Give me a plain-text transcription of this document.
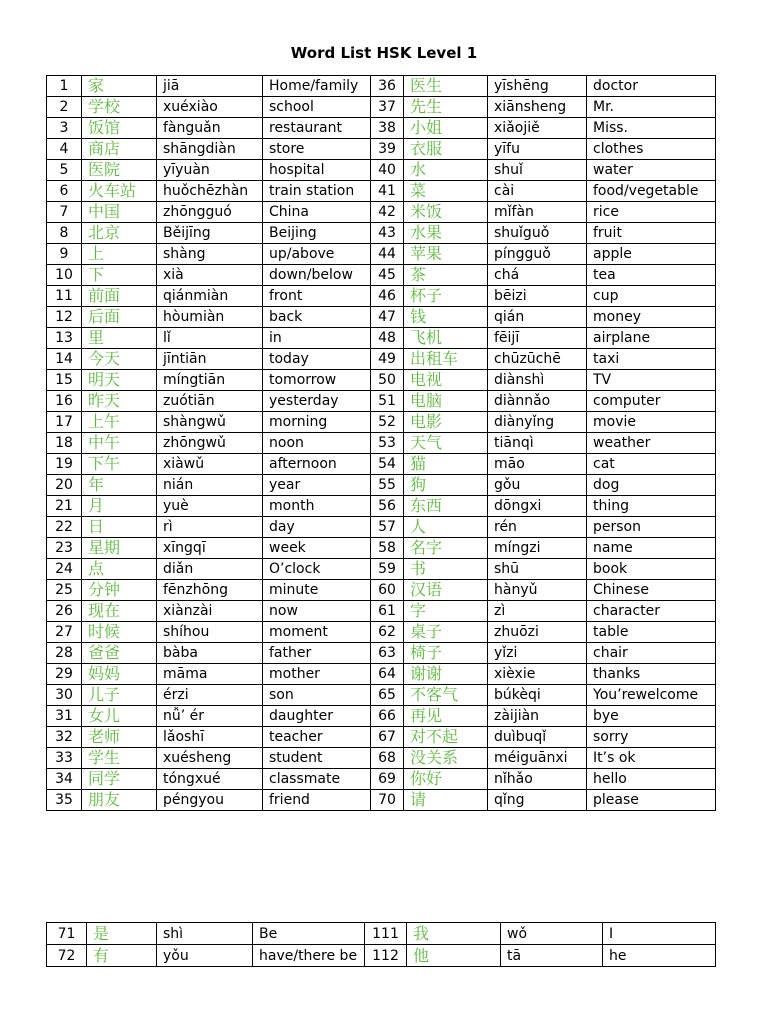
Word List HSK Level 1
1	家	jiā	Home/family	36	医生	yīshēng	doctor
2	学校	xuéxiào	school	37	先生	xiānsheng	Mr.
3	饭馆	fànguǎn	restaurant	38	小姐	xiǎojiě	Miss.
4	商店	shāngdiàn	store	39	衣服	yīfu	clothes
5	医院	yīyuàn	hospital	40	水	shuǐ	water
6	火车站	huǒchēzhàn	train station	41	菜	cài	food/vegetable
7	中国	zhōngguó	China	42	米饭	mǐfàn	rice
8	北京	Běijīng	Beijing	43	水果	shuǐguǒ	fruit
9	上	shàng	up/above	44	苹果	píngguǒ	apple
10	下	xià	down/below	45	茶	chá	tea
11	前面	qiánmiàn	front	46	杯子	bēizi	cup
12	后面	hòumiàn	back	47	钱	qián	money
13	里	lǐ	in	48	飞机	fēijī	airplane
14	今天	jīntiān	today	49	出租车	chūzūchē	taxi
15	明天	míngtiān	tomorrow	50	电视	diànshì	TV
16	昨天	zuótiān	yesterday	51	电脑	diànnǎo	computer
17	上午	shàngwǔ	morning	52	电影	diànyǐng	movie
18	中午	zhōngwǔ	noon	53	天气	tiānqì	weather
19	下午	xiàwǔ	afternoon	54	猫	māo	cat
20	年	nián	year	55	狗	gǒu	dog
21	月	yuè	month	56	东西	dōngxi	thing
22	日	rì	day	57	人	rén	person
23	星期	xīngqī	week	58	名字	míngzi	name
24	点	diǎn	O’clock	59	书	shū	book
25	分钟	fēnzhōng	minute	60	汉语	hànyǔ	Chinese
26	现在	xiànzài	now	61	字	zì	character
27	时候	shíhou	moment	62	桌子	zhuōzi	table
28	爸爸	bàba	father	63	椅子	yǐzi	chair
29	妈妈	māma	mother	64	谢谢	xièxie	thanks
30	儿子	érzi	son	65	不客气	búkèqi	You’rewelcome
31	女儿	nǚ’ ér	daughter	66	再见	zàijiàn	bye
32	老师	lǎoshī	teacher	67	对不起	duìbuqǐ	sorry
33	学生	xuésheng	student	68	没关系	méiguānxi	It’s ok
34	同学	tóngxué	classmate	69	你好	nǐhǎo	hello
35	朋友	péngyou	friend	70	请	qǐng	please
71	是	shì	Be	111	我	wǒ	I
72	有	yǒu	have/there be	112	他	tā	he
